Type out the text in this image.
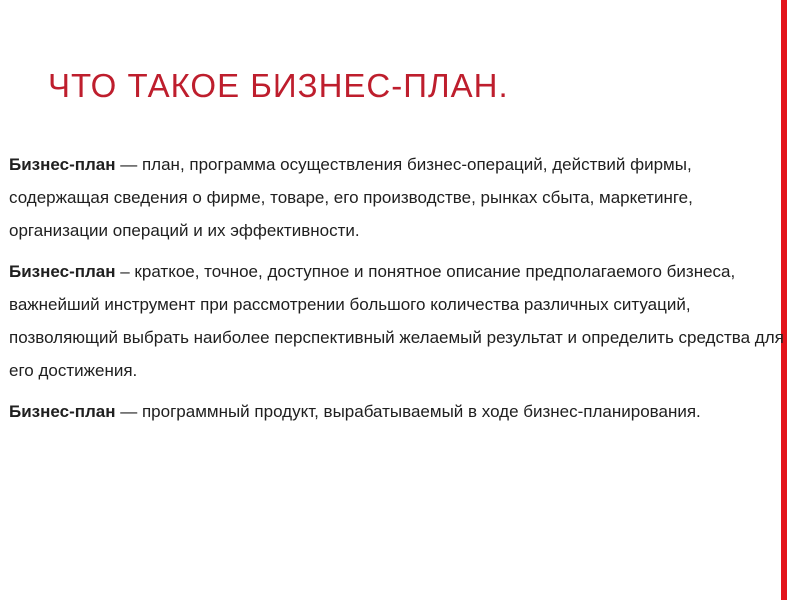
ЧТО ТАКОЕ БИЗНЕС-ПЛАН.

Бизнес-план — план, программа осуществления бизнес-операций, действий фирмы, содержащая сведения о фирме, товаре, его производстве, рынках сбыта, маркетинге, организации операций и их эффективности.

Бизнес-план – краткое, точное, доступное и понятное описание предполагаемого бизнеса, важнейший инструмент при рассмотрении большого количества различных ситуаций, позволяющий выбрать наиболее перспективный желаемый результат и определить средства для его достижения.

Бизнес-план — программный продукт, вырабатываемый в ходе бизнес-планирования.
